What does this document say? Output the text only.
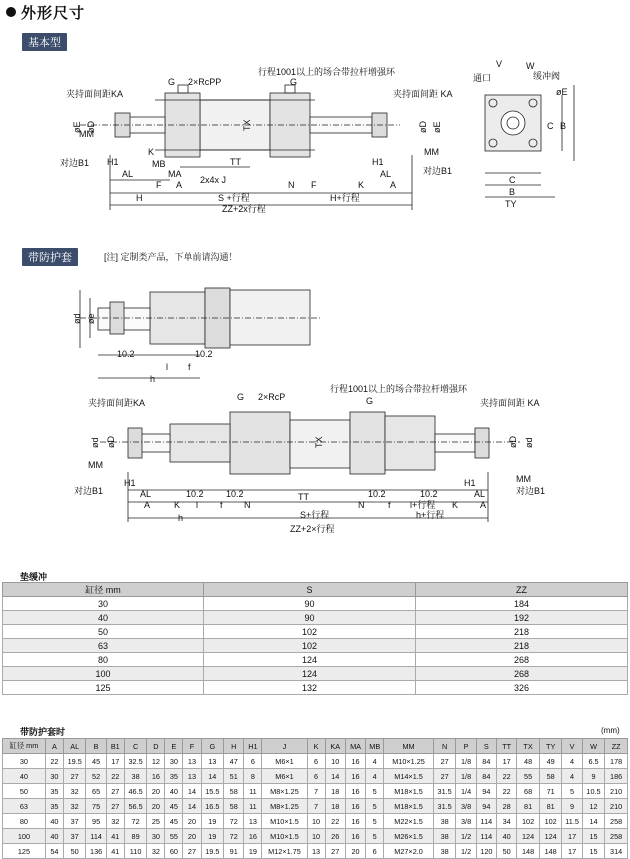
外形尺寸
基本型
G 2×RcPP
行程1001以上的场合带拉杆增强环
夹持面间距KA	夹持面间距 KA
G
MM
对边B1 H1
K
MB
MA
AL
F A
H
TT
2x4x J	N F	K	A
S +行程	H+行程
ZZ+2x行程
H1
AL
MM
对边B1
通口	缓冲阀
V	W
C
B
TY
C B
øE
TX
øE øD	øD øE
带防护套	[注] 定制类产品，下单前请沟通！
ød øe
10.2
l f
10.2
h
G 2×RcP
行程1001以上的场合带拉杆增强环
G
夹持面间距KA	夹持面间距 KA
ød øD	øD ød
TX
MM
对边B1
H1
AL
A	K
10.2 10.2
l f N
h
TT
S+行程
N
10.2
f
10.2
l+行程 K A
H1
AL
h+行程
ZZ+2×行程
MM
对边B1
垫缓冲
缸径 mm	S	ZZ
30	90	184
40	90	192
50	102	218
63	102	218
80	124	268
100	124	268
125	132	326
带防护套时	(mm)
缸径 mm	A	AL	B	B1	C	D	E	F	G	H	H1	J	K	KA	MA	MB	MM	N	P	S	TT	TX	TY	V	W	ZZ
30	22	19.5	45	17	32.5	12	30	13	13	47	6	M6×1	6	10	16	4	M10×1.25	27	1/8	84	17	48	49	4	6.5	178
40	30	27	52	22	38	16	35	13	14	51	8	M6×1	6	14	16	4	M14×1.5	27	1/8	84	22	55	58	4	9	186
50	35	32	65	27	46.5	20	40	14	15.5	58	11	M8×1.25	7	18	16	5	M18×1.5	31.5	1/4	94	22	68	71	5	10.5	210
63	35	32	75	27	56.5	20	45	14	16.5	58	11	M8×1.25	7	18	16	5	M18×1.5	31.5	3/8	94	28	81	81	9	12	210
80	40	37	95	32	72	25	45	20	19	72	13	M10×1.5	10	22	16	5	M22×1.5	38	3/8	114	34	102	102	11.5	14	258
100	40	37	114	41	89	30	55	20	19	72	16	M10×1.5	10	26	16	5	M26×1.5	38	1/2	114	40	124	124	17	15	258
125	54	50	136	41	110	32	60	27	19.5	91	19	M12×1.75	13	27	20	6	M27×2.0	38	1/2	120	50	148	148	17	15	314
